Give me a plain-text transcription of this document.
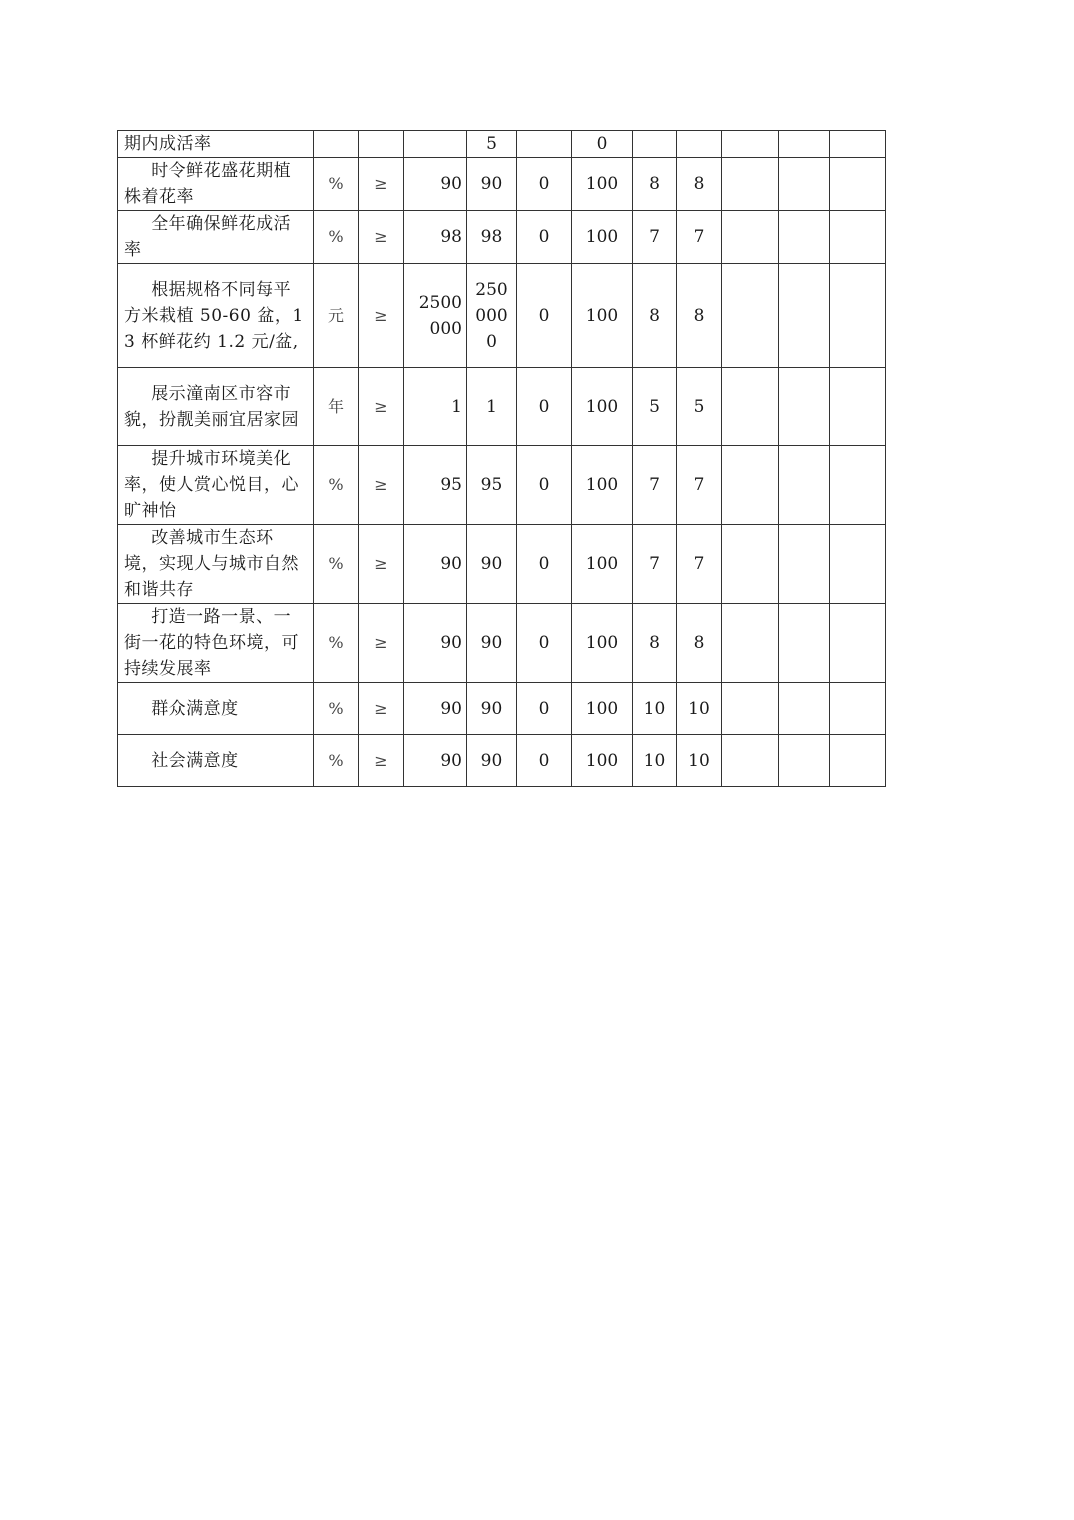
期内成活率				5		0					
时令鲜花盛花期植株着花率	%	≥	90	90	0	100	8	8			
全年确保鲜花成活率	%	≥	98	98	0	100	7	7			
根据规格不同每平方米栽植 50-60 盆，13 杯鲜花约 1.2 元/盆,	元	≥	2500000	2500000	0	100	8	8			
展示潼南区市容市貌，扮靓美丽宜居家园	年	≥	1	1	0	100	5	5			
提升城市环境美化率，使人赏心悦目，心旷神怡	%	≥	95	95	0	100	7	7			
改善城市生态环境，实现人与城市自然和谐共存	%	≥	90	90	0	100	7	7			
打造一路一景、一街一花的特色环境，可持续发展率	%	≥	90	90	0	100	8	8			
群众满意度	%	≥	90	90	0	100	10	10			
社会满意度	%	≥	90	90	0	100	10	10			
